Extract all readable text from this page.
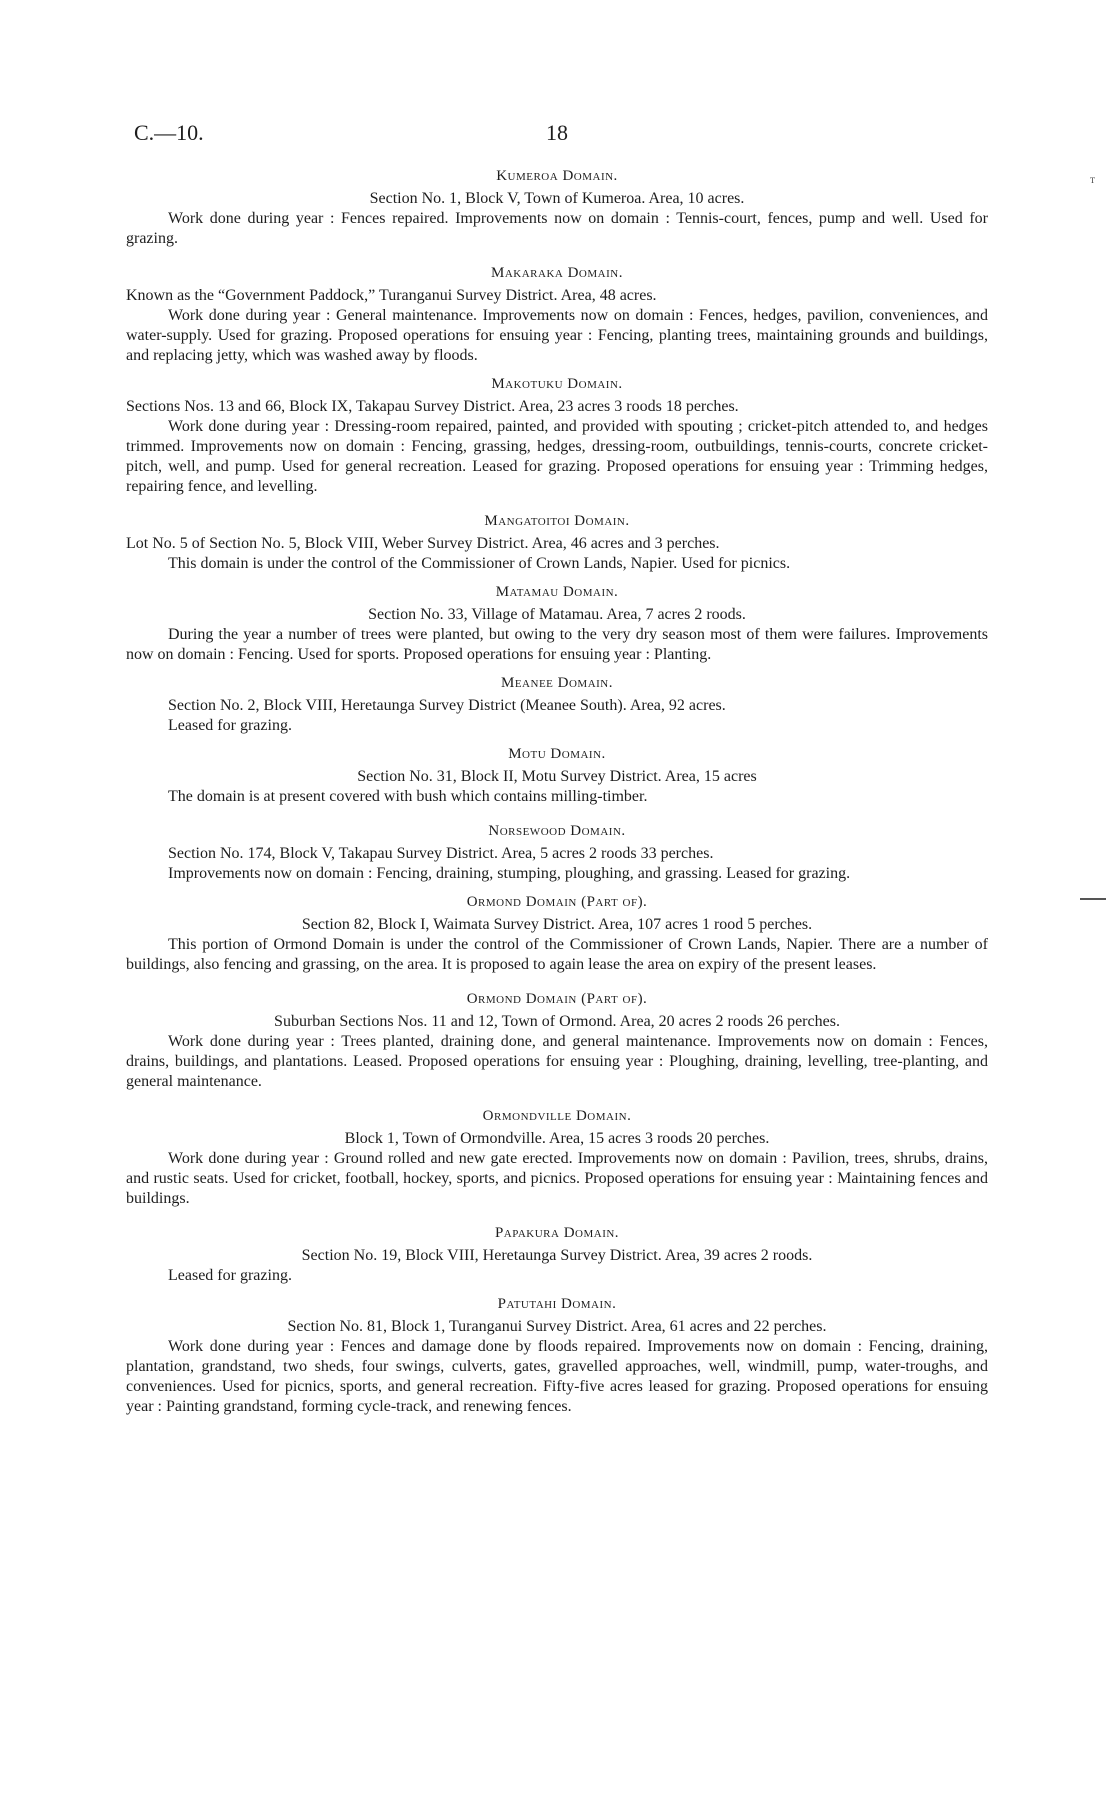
C.—10.	18

Kumeroa Domain.

Section No. 1, Block V, Town of Kumeroa. Area, 10 acres.

Work done during year : Fences repaired. Improvements now on domain : Tennis-court, fences, pump and well. Used for grazing.

Makaraka Domain.

Known as the “Government Paddock,” Turanganui Survey District. Area, 48 acres.

Work done during year : General maintenance. Improvements now on domain : Fences, hedges, pavilion, conveniences, and water-supply. Used for grazing. Proposed operations for ensuing year : Fencing, planting trees, maintaining grounds and buildings, and replacing jetty, which was washed away by floods.

Makotuku Domain.

Sections Nos. 13 and 66, Block IX, Takapau Survey District. Area, 23 acres 3 roods 18 perches.

Work done during year : Dressing-room repaired, painted, and provided with spouting ; cricket-pitch attended to, and hedges trimmed. Improvements now on domain : Fencing, grassing, hedges, dressing-room, outbuildings, tennis-courts, concrete cricket-pitch, well, and pump. Used for general recreation. Leased for grazing. Proposed operations for ensuing year : Trimming hedges, repairing fence, and levelling.

Mangatoitoi Domain.

Lot No. 5 of Section No. 5, Block VIII, Weber Survey District. Area, 46 acres and 3 perches.

This domain is under the control of the Commissioner of Crown Lands, Napier. Used for picnics.

Matamau Domain.

Section No. 33, Village of Matamau. Area, 7 acres 2 roods.

During the year a number of trees were planted, but owing to the very dry season most of them were failures. Improvements now on domain : Fencing. Used for sports. Proposed operations for ensuing year : Planting.

Meanee Domain.

Section No. 2, Block VIII, Heretaunga Survey District (Meanee South). Area, 92 acres.

Leased for grazing.

Motu Domain.

Section No. 31, Block II, Motu Survey District. Area, 15 acres

The domain is at present covered with bush which contains milling-timber.

Norsewood Domain.

Section No. 174, Block V, Takapau Survey District. Area, 5 acres 2 roods 33 perches.

Improvements now on domain : Fencing, draining, stumping, ploughing, and grassing. Leased for grazing.

Ormond Domain (Part of).

Section 82, Block I, Waimata Survey District. Area, 107 acres 1 rood 5 perches.

This portion of Ormond Domain is under the control of the Commissioner of Crown Lands, Napier. There are a number of buildings, also fencing and grassing, on the area. It is proposed to again lease the area on expiry of the present leases.

Ormond Domain (Part of).

Suburban Sections Nos. 11 and 12, Town of Ormond. Area, 20 acres 2 roods 26 perches.

Work done during year : Trees planted, draining done, and general maintenance. Improvements now on domain : Fences, drains, buildings, and plantations. Leased. Proposed operations for ensuing year : Ploughing, draining, levelling, tree-planting, and general maintenance.

Ormondville Domain.

Block 1, Town of Ormondville. Area, 15 acres 3 roods 20 perches.

Work done during year : Ground rolled and new gate erected. Improvements now on domain : Pavilion, trees, shrubs, drains, and rustic seats. Used for cricket, football, hockey, sports, and picnics. Proposed operations for ensuing year : Maintaining fences and buildings.

Papakura Domain.

Section No. 19, Block VIII, Heretaunga Survey District. Area, 39 acres 2 roods.

Leased for grazing.

Patutahi Domain.

Section No. 81, Block 1, Turanganui Survey District. Area, 61 acres and 22 perches.

Work done during year : Fences and damage done by floods repaired. Improvements now on domain : Fencing, draining, plantation, grandstand, two sheds, four swings, culverts, gates, gravelled approaches, well, windmill, pump, water-troughs, and conveniences. Used for picnics, sports, and general recreation. Fifty-five acres leased for grazing. Proposed operations for ensuing year : Painting grandstand, forming cycle-track, and renewing fences.

ᵀ
